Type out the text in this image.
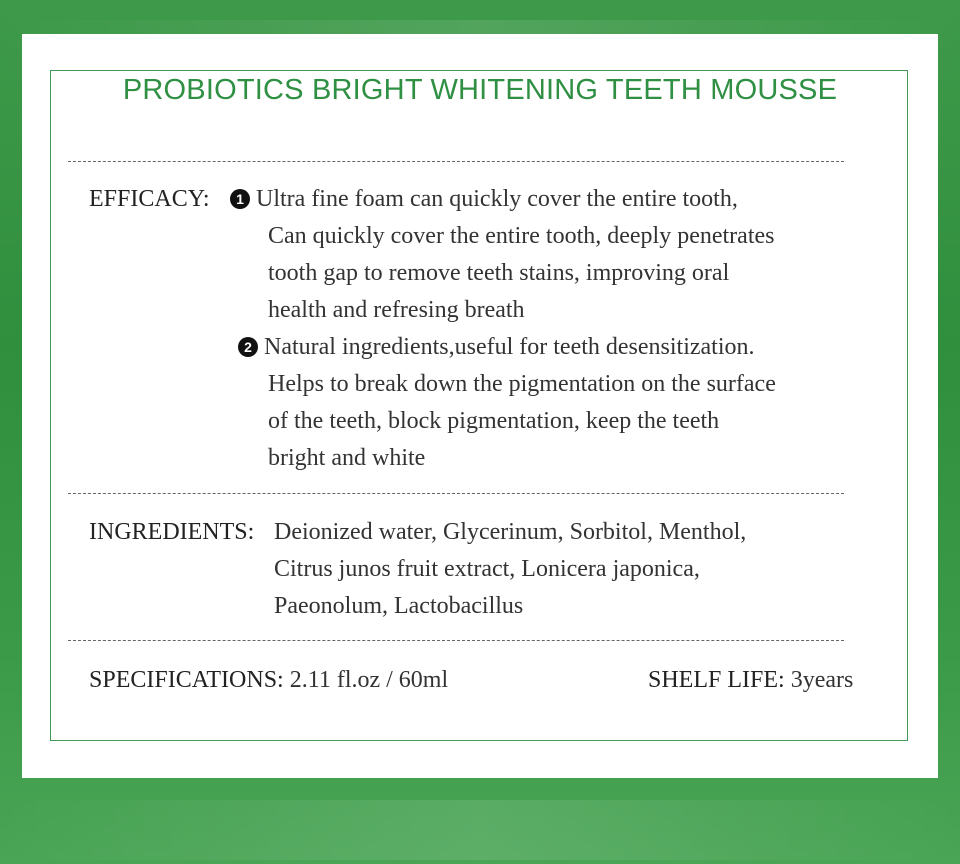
PROBIOTICS BRIGHT WHITENING TEETH MOUSSE
EFFICACY:	1 Ultra fine foam can quickly cover the entire tooth,
Can quickly cover the entire tooth, deeply penetrates
tooth gap to remove teeth stains, improving oral
health and refresing breath
2 Natural ingredients,useful for teeth desensitization.
Helps to break down the pigmentation on the surface
of the teeth, block pigmentation, keep the teeth
bright and white
INGREDIENTS: Deionized water, Glycerinum, Sorbitol, Menthol,
Citrus junos fruit extract, Lonicera japonica,
Paeonolum, Lactobacillus
SPECIFICATIONS: 2.11 fl.oz / 60ml	SHELF LIFE: 3years
